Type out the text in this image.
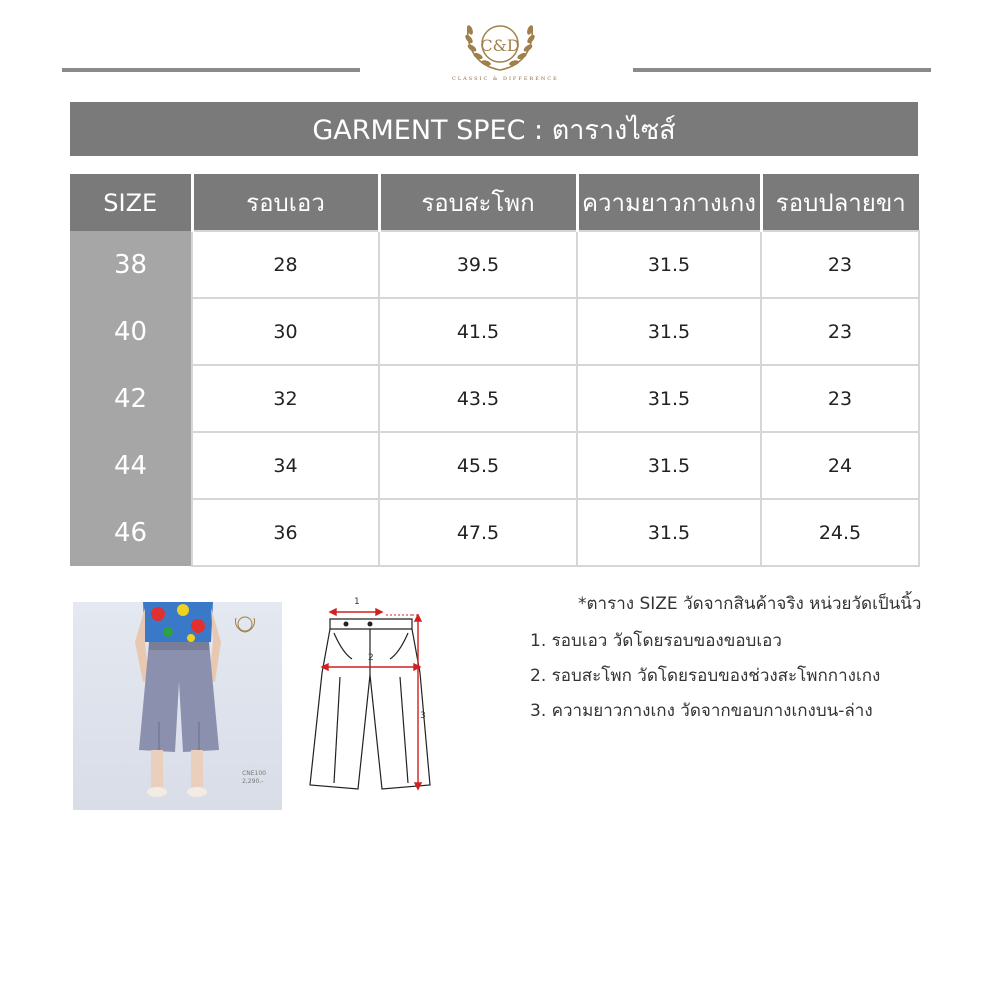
C&D
CLASSIC & DIFFERENCE
GARMENT SPEC : ตารางไซส์
SIZE	รอบเอว	รอบสะโพก	ความยาวกางเกง	รอบปลายขา
38	28	39.5	31.5	23
40	30	41.5	31.5	23
42	32	43.5	31.5	23
44	34	45.5	31.5	24
46	36	47.5	31.5	24.5
CNE100
2,290.-
1
2
3
*ตาราง SIZE วัดจากสินค้าจริง หน่วยวัดเป็นนิ้ว
1. รอบเอว วัดโดยรอบของขอบเอว
2. รอบสะโพก วัดโดยรอบของช่วงสะโพกกางเกง
3. ความยาวกางเกง วัดจากขอบกางเกงบน-ล่าง
